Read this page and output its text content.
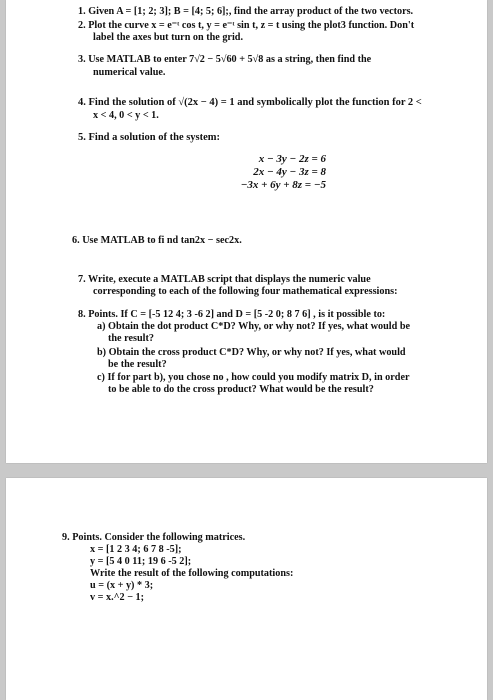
1. Given A = [1; 2; 3]; B = [4; 5; 6];, find the array product of the two vectors.
2. Plot the curve x = e⁻ᵗ cos t, y = e⁻ᵗ sin t, z = t using the plot3 function. Don't
label the axes but turn on the grid.
3. Use MATLAB to enter 7√2 − 5√60 + 5√8 as a string, then find the
numerical value.
4. Find the solution of √(2x − 4) = 1 and symbolically plot the function for 2 <
x < 4, 0 < y < 1.
5. Find a solution of the system:
x − 3y − 2z = 6
2x − 4y − 3z = 8
−3x + 6y + 8z = −5
6. Use MATLAB to fi nd tan2x − sec2x.
7. Write, execute a MATLAB script that displays the numeric value
corresponding to each of the following four mathematical expressions:
8. Points. If C = [-5 12 4; 3 -6 2] and D = [5 -2 0; 8 7 6] , is it possible to:
a) Obtain the dot product C*D? Why, or why not? If yes, what would be
the result?
b) Obtain the cross product C*D? Why, or why not? If yes, what would
be the result?
c) If for part b), you chose no , how could you modify matrix D, in order
to be able to do the cross product? What would be the result?
9. Points. Consider the following matrices.
x = [1 2 3 4; 6 7 8 -5];
y = [5 4 0 11; 19 6 -5 2];
Write the result of the following computations:
u = (x + y) * 3;
v = x.^2 − 1;
